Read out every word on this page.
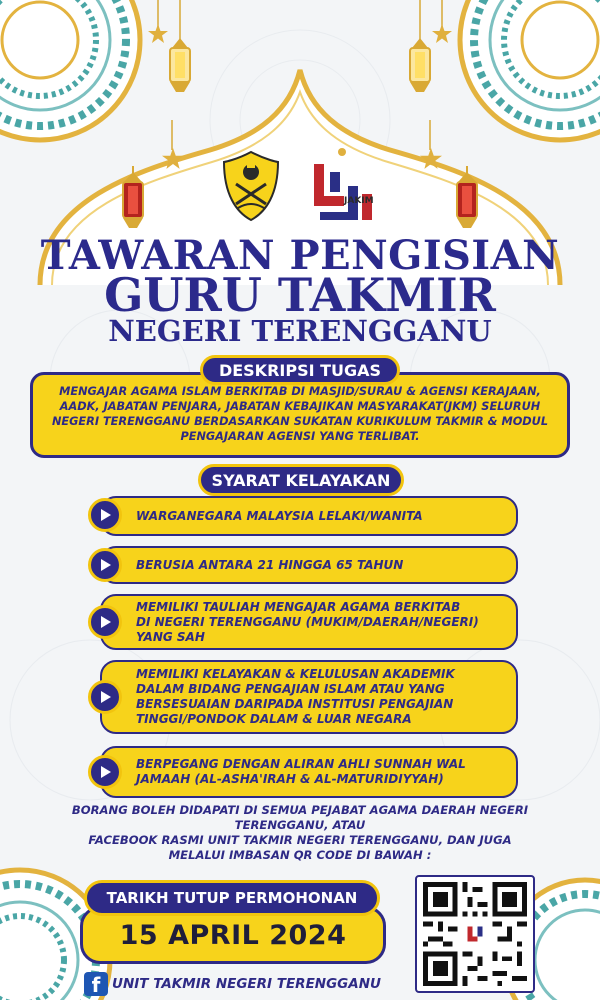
JAKIM
TAWARAN PENGISIAN
GURU TAKMIR
NEGERI TERENGGANU
MENGAJAR AGAMA ISLAM BERKITAB DI MASJID/SURAU & AGENSI KERAJAAN,
AADK, JABATAN PENJARA, JABATAN KEBAJIKAN MASYARAKAT(JKM) SELURUH
NEGERI TERENGGANU BERDASARKAN SUKATAN KURIKULUM TAKMIR & MODUL
PENGAJARAN AGENSI YANG TERLIBAT.
DESKRIPSI TUGAS
SYARAT KELAYAKAN
WARGANEGARA MALAYSIA LELAKI/WANITA
BERUSIA ANTARA 21 HINGGA 65 TAHUN
MEMILIKI TAULIAH MENGAJAR AGAMA BERKITAB
DI NEGERI TERENGGANU (MUKIM/DAERAH/NEGERI)
YANG SAH
MEMILIKI KELAYAKAN & KELULUSAN AKADEMIK
DALAM BIDANG PENGAJIAN ISLAM ATAU YANG
BERSESUAIAN DARIPADA INSTITUSI PENGAJIAN
TINGGI/PONDOK DALAM & LUAR NEGARA
BERPEGANG DENGAN ALIRAN AHLI SUNNAH WAL
JAMAAH (AL-ASHA'IRAH & AL-MATURIDIYYAH)
BORANG BOLEH DIDAPATI DI SEMUA PEJABAT AGAMA DAERAH NEGERI
TERENGGANU, ATAU
FACEBOOK RASMI UNIT TAKMIR NEGERI TERENGGANU, DAN JUGA
MELALUI IMBASAN QR CODE DI BAWAH :
15 APRIL 2024
TARIKH TUTUP PERMOHONAN
f UNIT TAKMIR NEGERI TERENGGANU
